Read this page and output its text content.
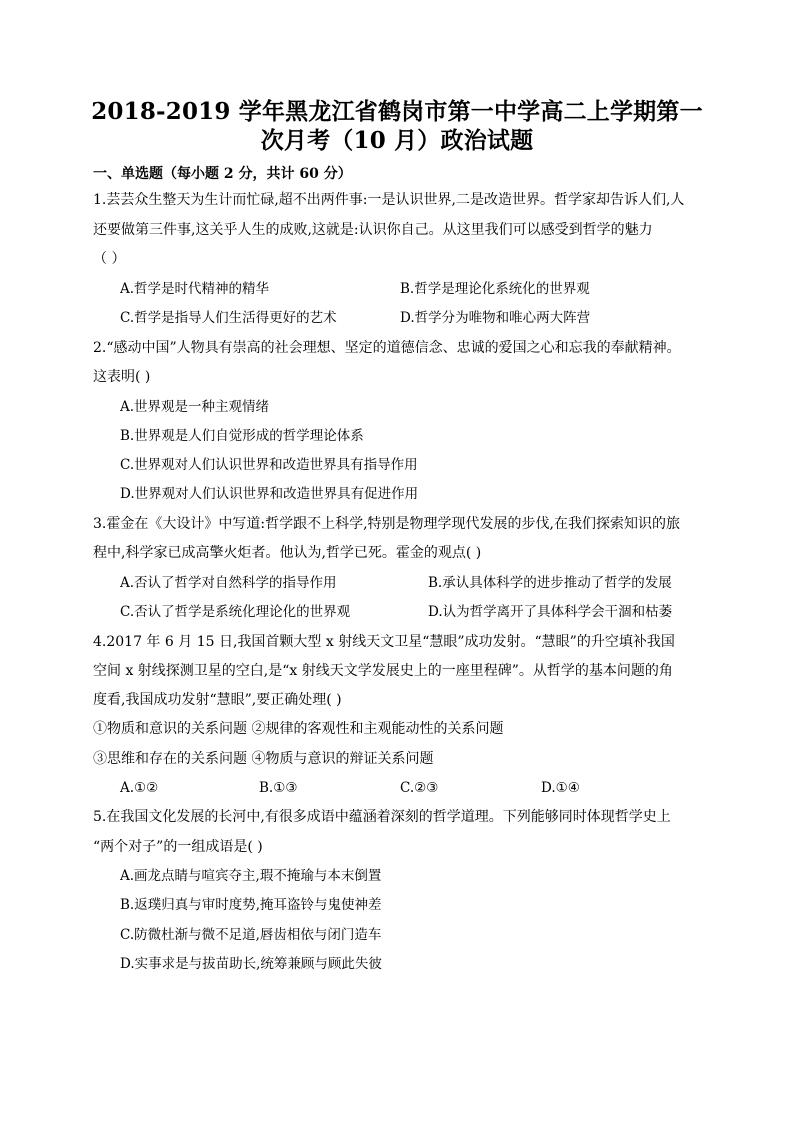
2018-2019 学年黑龙江省鹤岗市第一中学高二上学期第一
次月考（10 月）政治试题
一、单选题（每小题 2 分，共计 60 分）
1.芸芸众生整天为生计而忙碌,超不出两件事:一是认识世界,二是改造世界。哲学家却告诉人们,人
还要做第三件事,这关乎人生的成败,这就是:认识你自己。从这里我们可以感受到哲学的魅力
（ ）
A.哲学是时代精神的精华	B.哲学是理论化系统化的世界观
C.哲学是指导人们生活得更好的艺术	D.哲学分为唯物和唯心两大阵营
2.“感动中国”人物具有崇高的社会理想、坚定的道德信念、忠诚的爱国之心和忘我的奉献精神。
这表明( )
A.世界观是一种主观情绪
B.世界观是人们自觉形成的哲学理论体系
C.世界观对人们认识世界和改造世界具有指导作用
D.世界观对人们认识世界和改造世界具有促进作用
3.霍金在《大设计》中写道:哲学跟不上科学,特别是物理学现代发展的步伐,在我们探索知识的旅
程中,科学家已成高擎火炬者。他认为,哲学已死。霍金的观点( )
A.否认了哲学对自然科学的指导作用	B.承认具体科学的进步推动了哲学的发展
C.否认了哲学是系统化理论化的世界观	D.认为哲学离开了具体科学会干涸和枯萎
4.2017 年 6 月 15 日,我国首颗大型 x 射线天文卫星“慧眼”成功发射。“慧眼”的升空填补我国
空间 x 射线探测卫星的空白,是“x 射线天文学发展史上的一座里程碑”。从哲学的基本问题的角
度看,我国成功发射“慧眼”,要正确处理( )
①物质和意识的关系问题 ②规律的客观性和主观能动性的关系问题
③思维和存在的关系问题 ④物质与意识的辩证关系问题
A.①②	B.①③	C.②③	D.①④
5.在我国文化发展的长河中,有很多成语中蕴涵着深刻的哲学道理。下列能够同时体现哲学史上
“两个对子”的一组成语是( )
A.画龙点睛与喧宾夺主,瑕不掩瑜与本末倒置
B.返璞归真与审时度势,掩耳盗铃与鬼使神差
C.防微杜渐与微不足道,唇齿相依与闭门造车
D.实事求是与拔苗助长,统筹兼顾与顾此失彼
